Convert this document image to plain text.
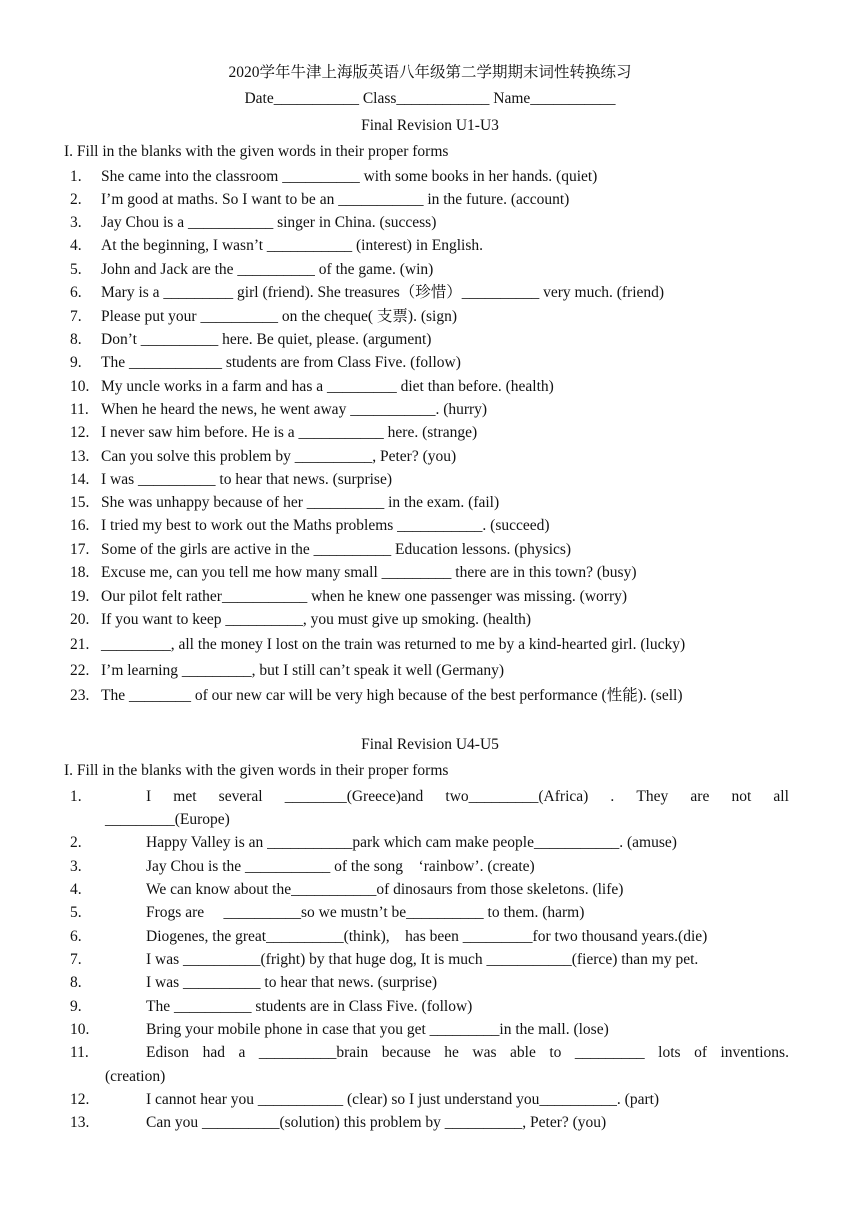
2020学年牛津上海版英语八年级第二学期期末词性转换练习
Date___________ Class____________ Name___________
Final Revision U1-U3
I. Fill in the blanks with the given words in their proper forms
1. She came into the classroom __________ with some books in her hands. (quiet)
2. I’m good at maths. So I want to be an ___________ in the future. (account)
3. Jay Chou is a ___________ singer in China. (success)
4. At the beginning, I wasn’t ___________ (interest) in English.
5. John and Jack are the __________ of the game. (win)
6. Mary is a _________ girl (friend). She treasures（珍惜）__________ very much. (friend)
7. Please put your __________ on the cheque( 支票). (sign)
8. Don’t __________ here. Be quiet, please. (argument)
9. The ____________ students are from Class Five. (follow)
10. My uncle works in a farm and has a _________ diet than before. (health)
11. When he heard the news, he went away ___________. (hurry)
12. I never saw him before. He is a ___________ here. (strange)
13. Can you solve this problem by __________, Peter? (you)
14. I was __________ to hear that news. (surprise)
15. She was unhappy because of her __________ in the exam. (fail)
16. I tried my best to work out the Maths problems ___________. (succeed)
17. Some of the girls are active in the __________ Education lessons. (physics)
18. Excuse me, can you tell me how many small _________ there are in this town? (busy)
19. Our pilot felt rather___________ when he knew one passenger was missing. (worry)
20. If you want to keep __________, you must give up smoking. (health)
21. _________, all the money I lost on the train was returned to me by a kind-hearted girl. (lucky)
22. I’m learning _________, but I still can’t speak it well (Germany)
23. The ________ of our new car will be very high because of the best performance (性能). (sell)
Final Revision U4-U5
I. Fill in the blanks with the given words in their proper forms
1.	I met several ________(Greece)and two_________(Africa) . They are not all
_________(Europe)
2.	Happy Valley is an ___________park which cam make people___________. (amuse)
3.	Jay Chou is the ___________ of the song　‘rainbow’. (create)
4.	We can know about the___________of dinosaurs from those skeletons. (life)
5.	Frogs are　 __________so we mustn’t be__________ to them. (harm)
6.	Diogenes, the great__________(think),　has been _________for two thousand years.(die)
7.	I was __________(fright) by that huge dog, It is much ___________(fierce) than my pet.
8.	I was __________ to hear that news. (surprise)
9.	The __________ students are in Class Five. (follow)
10.	Bring your mobile phone in case that you get _________in the mall. (lose)
11.	Edison had a __________brain because he was able to _________ lots of inventions.
(creation)
12.	I cannot hear you ___________ (clear) so I just understand you__________. (part)
13.	Can you __________(solution) this problem by __________, Peter? (you)
